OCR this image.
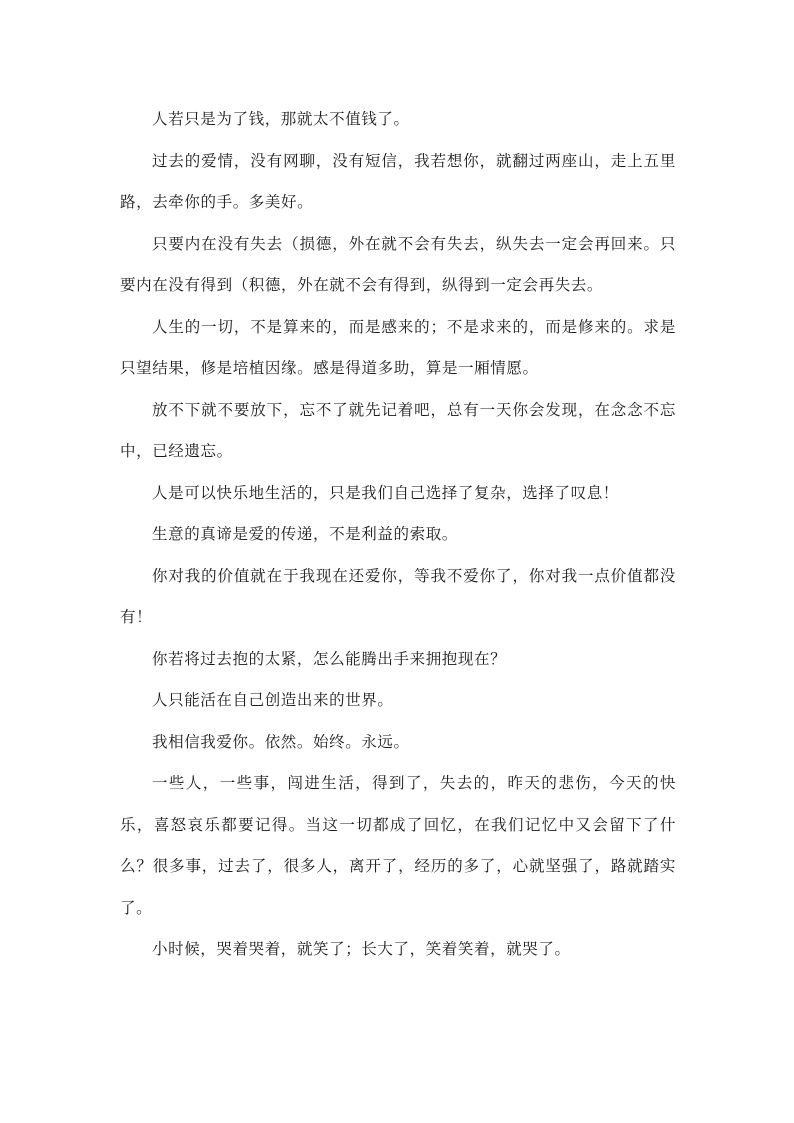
人若只是为了钱，那就太不值钱了。

过去的爱情，没有网聊，没有短信，我若想你，就翻过两座山，走上五里路，去牵你的手。多美好。

只要内在没有失去（损德，外在就不会有失去，纵失去一定会再回来。只要内在没有得到（积德，外在就不会有得到，纵得到一定会再失去。

人生的一切，不是算来的，而是感来的；不是求来的，而是修来的。求是只望结果，修是培植因缘。感是得道多助，算是一厢情愿。

放不下就不要放下，忘不了就先记着吧，总有一天你会发现，在念念不忘中，已经遗忘。

人是可以快乐地生活的，只是我们自己选择了复杂，选择了叹息！

生意的真谛是爱的传递，不是利益的索取。

你对我的价值就在于我现在还爱你，等我不爱你了，你对我一点价值都没有！

你若将过去抱的太紧，怎么能腾出手来拥抱现在？

人只能活在自己创造出来的世界。

我相信我爱你。依然。始终。永远。

一些人，一些事，闯进生活，得到了，失去的，昨天的悲伤，今天的快乐，喜怒哀乐都要记得。当这一切都成了回忆，在我们记忆中又会留下了什么？很多事，过去了，很多人，离开了，经历的多了，心就坚强了，路就踏实了。

小时候，哭着哭着，就笑了；长大了，笑着笑着，就哭了。
